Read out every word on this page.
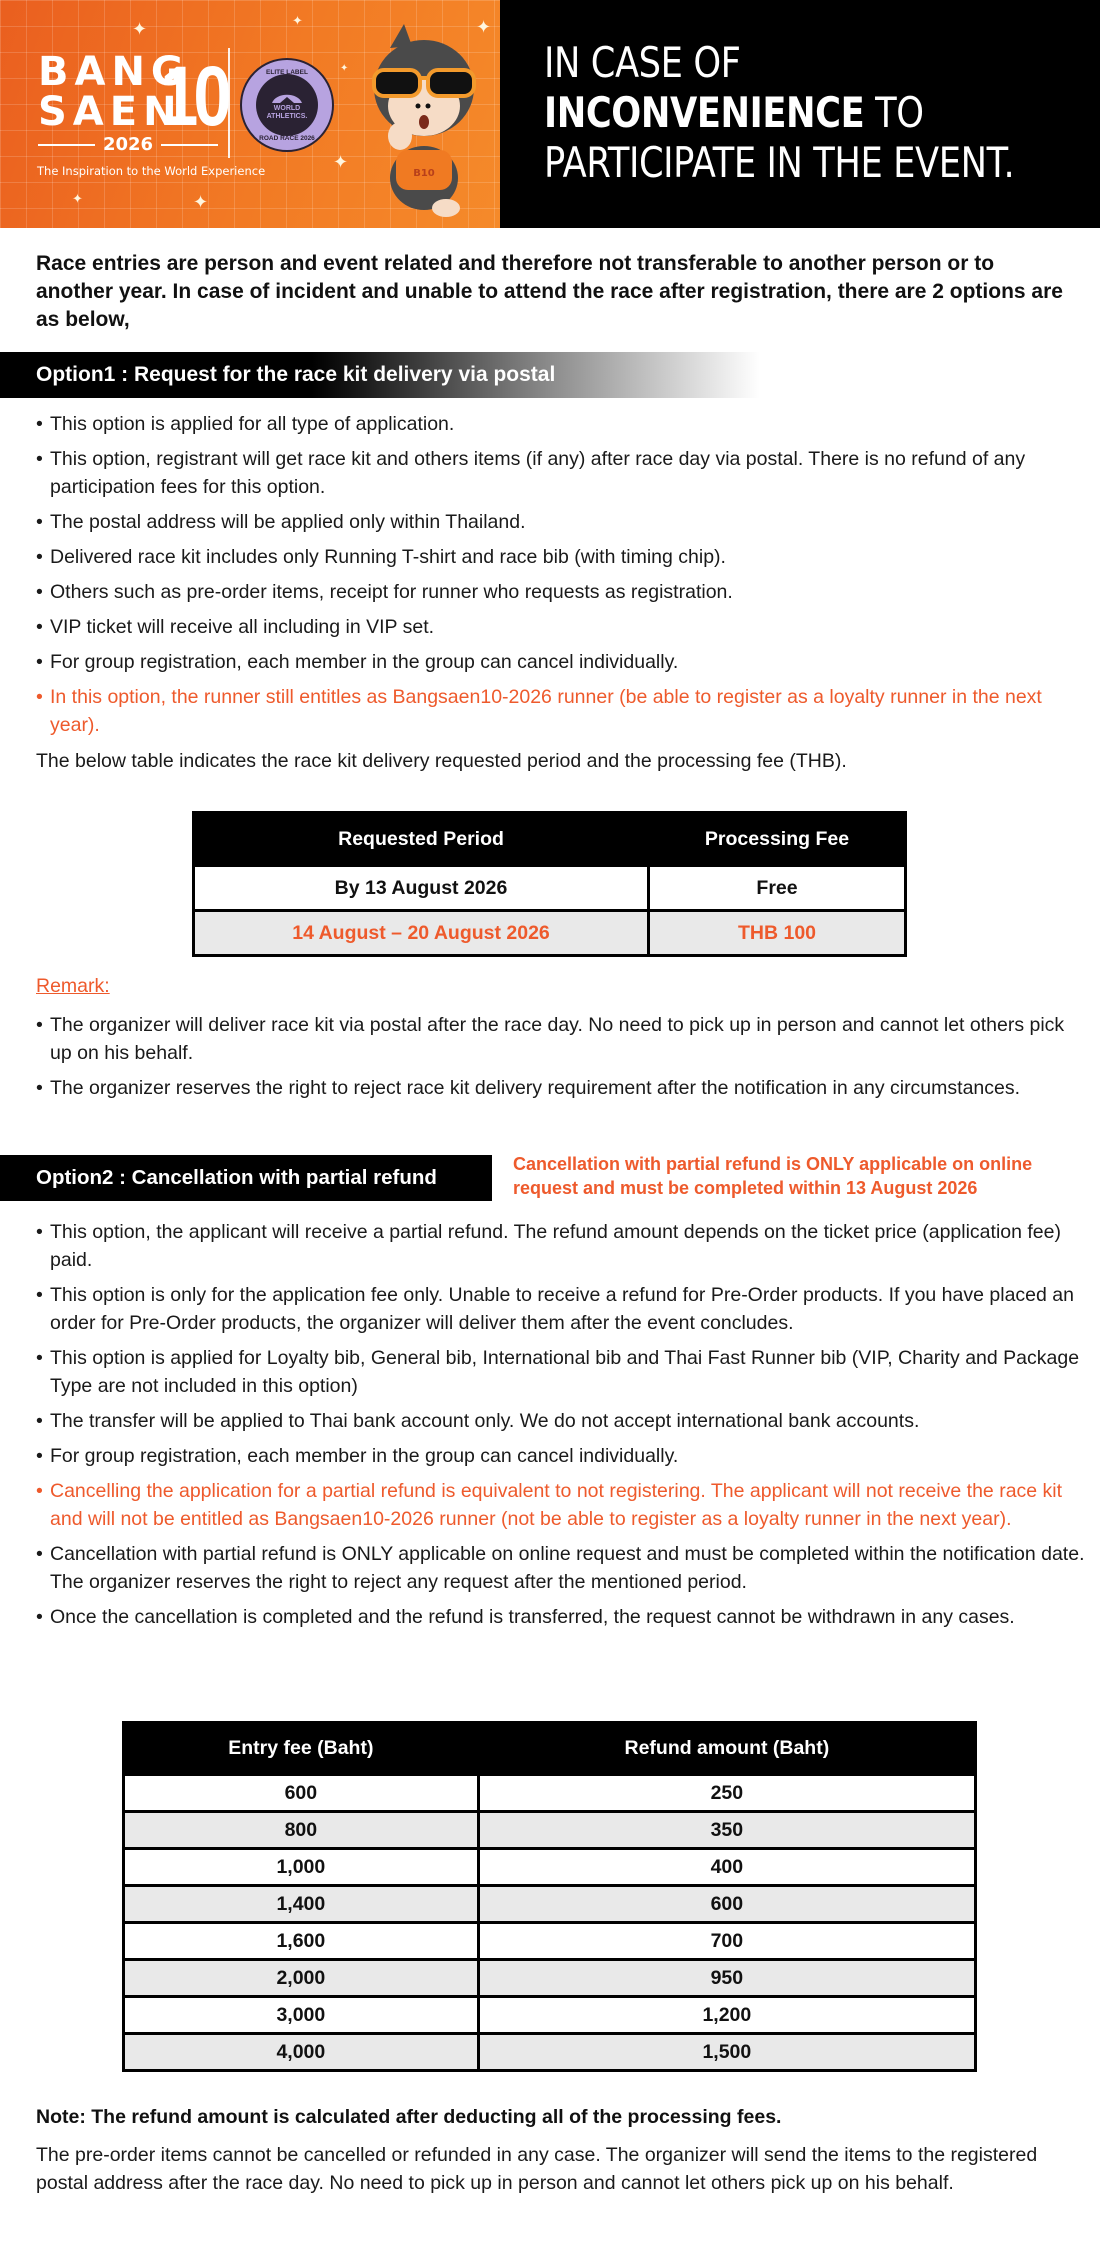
✦	✦
✦	✦
✦
✦
✦
BANG
SAEN
10
2026
The Inspiration to the World Experience
ELITE LABEL
WORLD
ATHLETICS.
ROAD RACE 2026
B10
IN CASE OF
INCONVENIENCE TO
PARTICIPATE IN THE EVENT.

Race entries are person and event related and therefore not transferable to another person or to another year. In case of incident and unable to attend the race after registration, there are 2 options are as below,

Option1 : Request for the race kit delivery via postal
• This option is applied for all type of application.
• This option, registrant will get race kit and others items (if any) after race day via postal. There is no refund of any participation fees for this option.
• The postal address will be applied only within Thailand.
• Delivered race kit includes only Running T-shirt and race bib (with timing chip).
• Others such as pre-order items, receipt for runner who requests as registration.
• VIP ticket will receive all including in VIP set.
• For group registration, each member in the group can cancel individually.
• In this option, the runner still entitles as Bangsaen10-2026 runner (be able to register as a loyalty runner in the next year).

The below table indicates the race kit delivery requested period and the processing fee (THB).

Requested Period	Processing Fee
By 13 August 2026	Free
14 August – 20 August 2026	THB 100
Remark:
• The organizer will deliver race kit via postal after the race day. No need to pick up in person and cannot let others pick up on his behalf.
• The organizer reserves the right to reject race kit delivery requirement after the notification in any circumstances.
Option2 : Cancellation with partial refund
Cancellation with partial refund is ONLY applicable on online request and must be completed within 13 August 2026
• This option, the applicant will receive a partial refund. The refund amount depends on the ticket price (application fee) paid.
• This option is only for the application fee only. Unable to receive a refund for Pre-Order products. If you have placed an order for Pre-Order products, the organizer will deliver them after the event concludes.
• This option is applied for Loyalty bib, General bib, International bib and Thai Fast Runner bib (VIP, Charity and Package Type are not included in this option)
• The transfer will be applied to Thai bank account only. We do not accept international bank accounts.
• For group registration, each member in the group can cancel individually.
• Cancelling the application for a partial refund is equivalent to not registering. The applicant will not receive the race kit and will not be entitled as Bangsaen10-2026 runner (not be able to register as a loyalty runner in the next year).
• Cancellation with partial refund is ONLY applicable on online request and must be completed within the notification date. The organizer reserves the right to reject any request after the mentioned period.
• Once the cancellation is completed and the refund is transferred, the request cannot be withdrawn in any cases.
Entry fee (Baht)	Refund amount (Baht)
600	250
800	350
1,000	400
1,400	600
1,600	700
2,000	950
3,000	1,200
4,000	1,500

Note: The refund amount is calculated after deducting all of the processing fees.

The pre-order items cannot be cancelled or refunded in any case. The organizer will send the items to the registered postal address after the race day. No need to pick up in person and cannot let others pick up on his behalf.
